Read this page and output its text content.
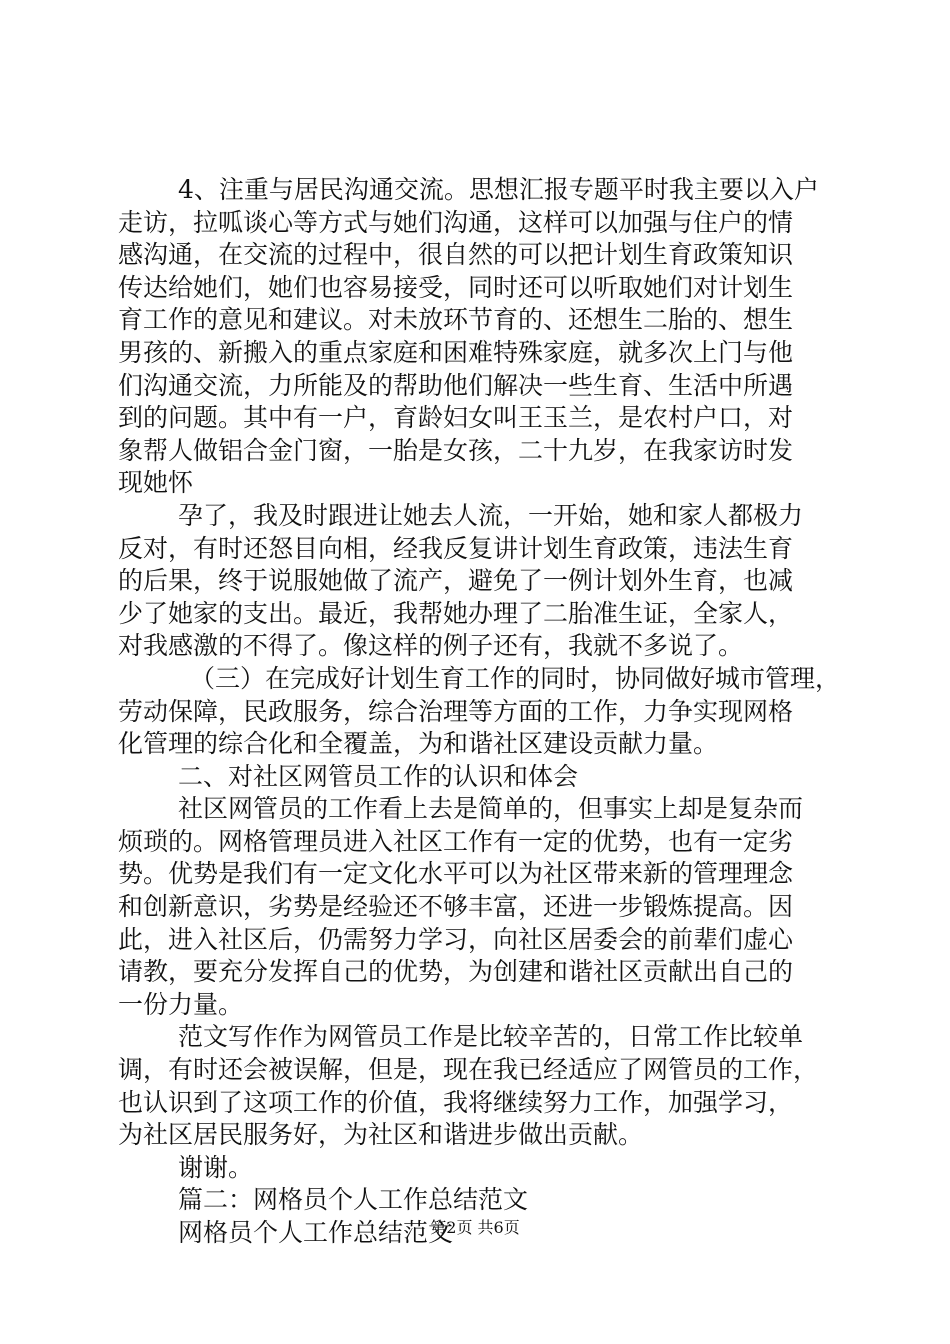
4、注重与居民沟通交流。思想汇报专题平时我主要以入户
走访，拉呱谈心等方式与她们沟通，这样可以加强与住户的情
感沟通，在交流的过程中，很自然的可以把计划生育政策知识
传达给她们，她们也容易接受，同时还可以听取她们对计划生
育工作的意见和建议。对未放环节育的、还想生二胎的、想生
男孩的、新搬入的重点家庭和困难特殊家庭，就多次上门与他
们沟通交流，力所能及的帮助他们解决一些生育、生活中所遇
到的问题。其中有一户，育龄妇女叫王玉兰，是农村户口，对
象帮人做铝合金门窗，一胎是女孩，二十九岁，在我家访时发
现她怀
孕了，我及时跟进让她去人流，一开始，她和家人都极力
反对，有时还怒目向相，经我反复讲计划生育政策，违法生育
的后果，终于说服她做了流产，避免了一例计划外生育，也减
少了她家的支出。最近，我帮她办理了二胎准生证，全家人，
对我感激的不得了。像这样的例子还有，我就不多说了。
（三）在完成好计划生育工作的同时，协同做好城市管理，
劳动保障，民政服务，综合治理等方面的工作，力争实现网格
化管理的综合化和全覆盖，为和谐社区建设贡献力量。
二、对社区网管员工作的认识和体会
社区网管员的工作看上去是简单的，但事实上却是复杂而
烦琐的。网格管理员进入社区工作有一定的优势，也有一定劣
势。优势是我们有一定文化水平可以为社区带来新的管理理念
和创新意识，劣势是经验还不够丰富，还进一步锻炼提高。因
此，进入社区后，仍需努力学习，向社区居委会的前辈们虚心
请教，要充分发挥自己的优势，为创建和谐社区贡献出自己的
一份力量。
范文写作作为网管员工作是比较辛苦的，日常工作比较单
调，有时还会被误解，但是，现在我已经适应了网管员的工作，
也认识到了这项工作的价值，我将继续努力工作，加强学习，
为社区居民服务好，为社区和谐进步做出贡献。
谢谢。
篇二：网格员个人工作总结范文
网格员个人工作总结范文
第2页 共6页
